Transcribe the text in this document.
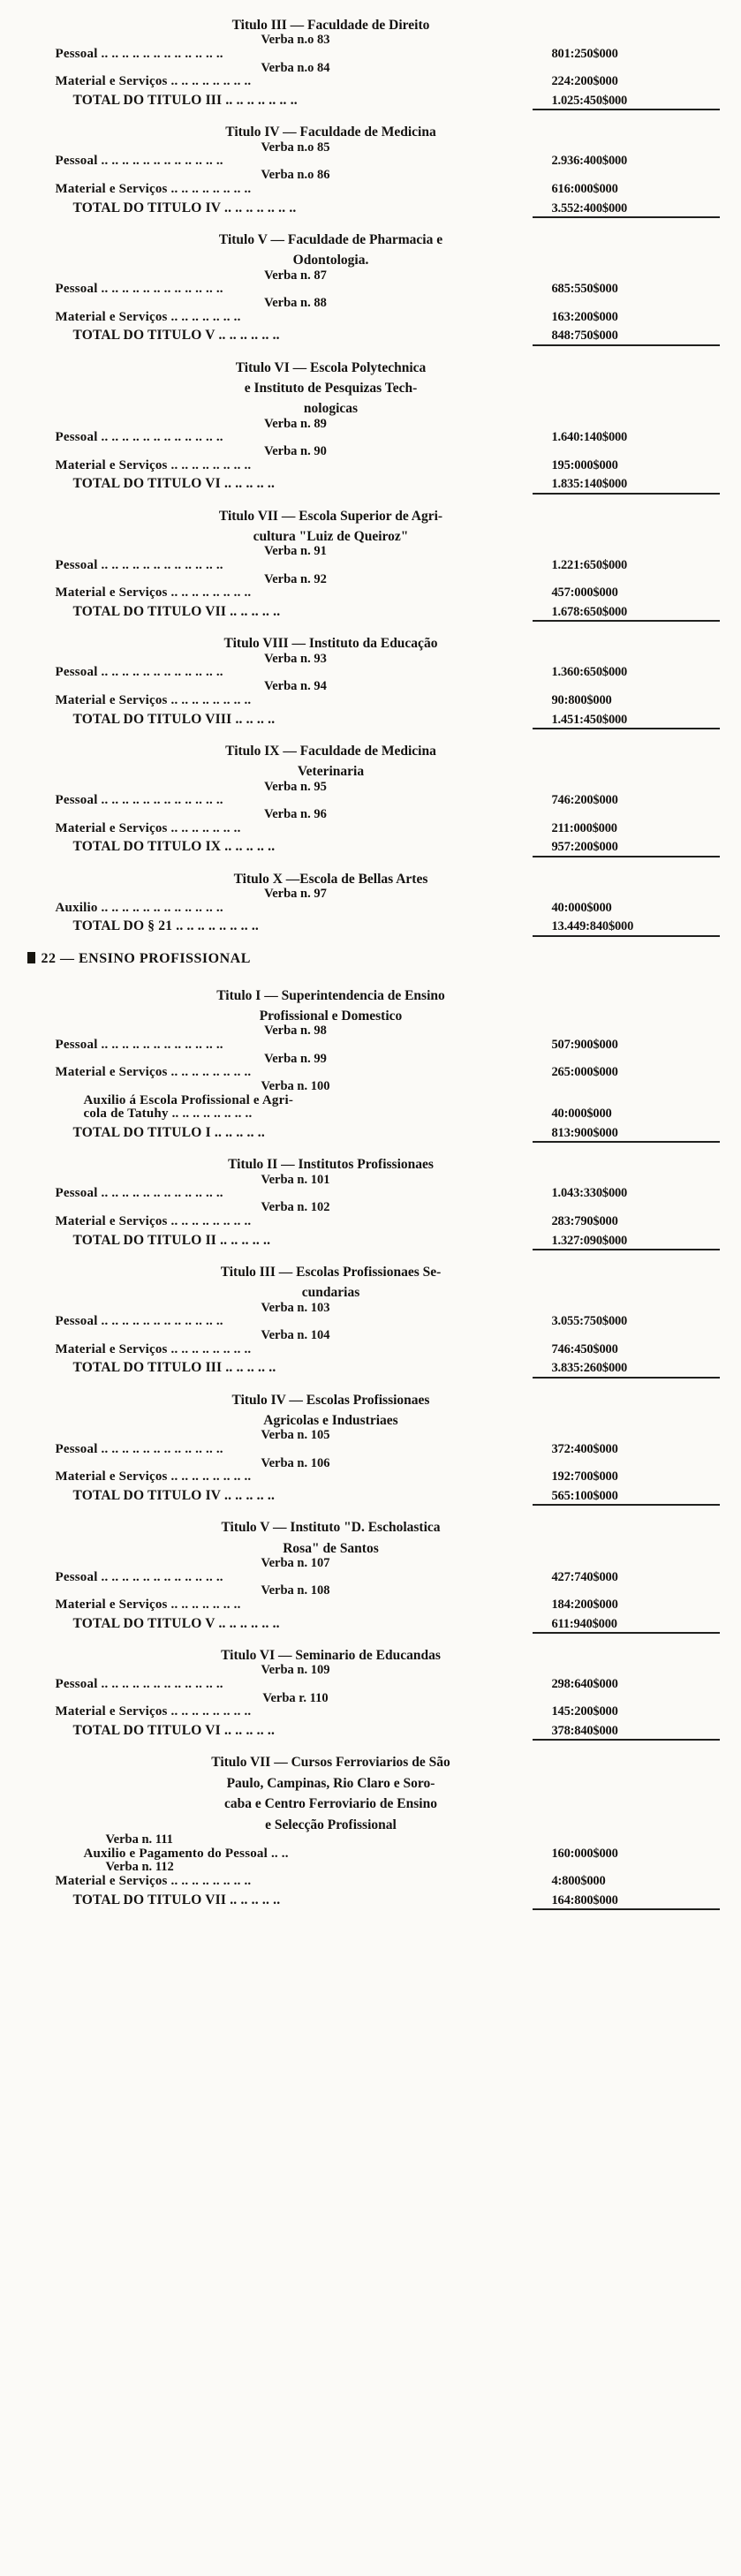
Titulo III — Faculdade de Direito
Verba n.o 83
Pessoal .. .. .. .. .. .. .. .. .. .. .. ..	801:250$000
Verba n.o 84
Material e Serviços .. .. .. .. .. .. .. ..	224:200$000
TOTAL DO TITULO III .. .. .. .. .. .. ..	1.025:450$000
Titulo IV — Faculdade de Medicina
Verba n.o 85
Pessoal .. .. .. .. .. .. .. .. .. .. .. ..	2.936:400$000
Verba n.o 86
Material e Serviços .. .. .. .. .. .. .. ..	616:000$000
TOTAL DO TITULO IV .. .. .. .. .. .. ..	3.552:400$000
Titulo V — Faculdade de Pharmacia e
Odontologia.
Verba n. 87
Pessoal .. .. .. .. .. .. .. .. .. .. .. ..	685:550$000
Verba n. 88
Material e Serviços .. .. .. .. .. .. ..	163:200$000
TOTAL DO TITULO V .. .. .. .. .. ..	848:750$000
Titulo VI — Escola Polytechnica
e Instituto de Pesquizas Tech-
nologicas
Verba n. 89
Pessoal .. .. .. .. .. .. .. .. .. .. .. ..	1.640:140$000
Verba n. 90
Material e Serviços .. .. .. .. .. .. .. ..	195:000$000
TOTAL DO TITULO VI .. .. .. .. ..	1.835:140$000
Titulo VII — Escola Superior de Agri-
cultura "Luiz de Queiroz"
Verba n. 91
Pessoal .. .. .. .. .. .. .. .. .. .. .. ..	1.221:650$000
Verba n. 92
Material e Serviços .. .. .. .. .. .. .. ..	457:000$000
TOTAL DO TITULO VII .. .. .. .. ..	1.678:650$000
Titulo VIII — Instituto da Educação
Verba n. 93
Pessoal .. .. .. .. .. .. .. .. .. .. .. ..	1.360:650$000
Verba n. 94
Material e Serviços .. .. .. .. .. .. .. ..	90:800$000
TOTAL DO TITULO VIII .. .. .. ..	1.451:450$000
Titulo IX — Faculdade de Medicina
Veterinaria
Verba n. 95
Pessoal .. .. .. .. .. .. .. .. .. .. .. ..	746:200$000
Verba n. 96
Material e Serviços .. .. .. .. .. .. ..	211:000$000
TOTAL DO TITULO IX .. .. .. .. ..	957:200$000
Titulo X —Escola de Bellas Artes
Verba n. 97
Auxilio .. .. .. .. .. .. .. .. .. .. .. ..	40:000$000
TOTAL DO § 21 .. .. .. .. .. .. .. ..	13.449:840$000
22 — ENSINO PROFISSIONAL
Titulo I — Superintendencia de Ensino
Profissional e Domestico
Verba n. 98
Pessoal .. .. .. .. .. .. .. .. .. .. .. ..	507:900$000
Verba n. 99
Material e Serviços .. .. .. .. .. .. .. ..	265:000$000
Verba n. 100
Auxilio á Escola Profissional e Agri-
cola de Tatuhy .. .. .. .. .. .. .. ..	40:000$000
TOTAL DO TITULO I .. .. .. .. ..	813:900$000
Titulo II — Institutos Profissionaes
Verba n. 101
Pessoal .. .. .. .. .. .. .. .. .. .. .. ..	1.043:330$000
Verba n. 102
Material e Serviços .. .. .. .. .. .. .. ..	283:790$000
TOTAL DO TITULO II .. .. .. .. ..	1.327:090$000
Titulo III — Escolas Profissionaes Se-
cundarias
Verba n. 103
Pessoal .. .. .. .. .. .. .. .. .. .. .. ..	3.055:750$000
Verba n. 104
Material e Serviços .. .. .. .. .. .. .. ..	746:450$000
TOTAL DO TITULO III .. .. .. .. ..	3.835:260$000
Titulo IV — Escolas Profissionaes
Agricolas e Industriaes
Verba n. 105
Pessoal .. .. .. .. .. .. .. .. .. .. .. ..	372:400$000
Verba n. 106
Material e Serviços .. .. .. .. .. .. .. ..	192:700$000
TOTAL DO TITULO IV .. .. .. .. ..	565:100$000
Titulo V — Instituto "D. Escholastica
Rosa" de Santos
Verba n. 107
Pessoal .. .. .. .. .. .. .. .. .. .. .. ..	427:740$000
Verba n. 108
Material e Serviços .. .. .. .. .. .. ..	184:200$000
TOTAL DO TITULO V .. .. .. .. .. ..	611:940$000
Titulo VI — Seminario de Educandas
Verba n. 109
Pessoal .. .. .. .. .. .. .. .. .. .. .. ..	298:640$000
Verba r. 110
Material e Serviços .. .. .. .. .. .. .. ..	145:200$000
TOTAL DO TITULO VI .. .. .. .. ..	378:840$000
Titulo VII — Cursos Ferroviarios de São
Paulo, Campinas, Rio Claro e Soro-
caba e Centro Ferroviario de Ensino
e Selecção Profissional
Verba n. 111
Auxilio e Pagamento do Pessoal .. ..	160:000$000
Verba n. 112
Material e Serviços .. .. .. .. .. .. .. ..	4:800$000
TOTAL DO TITULO VII .. .. .. .. ..	164:800$000
